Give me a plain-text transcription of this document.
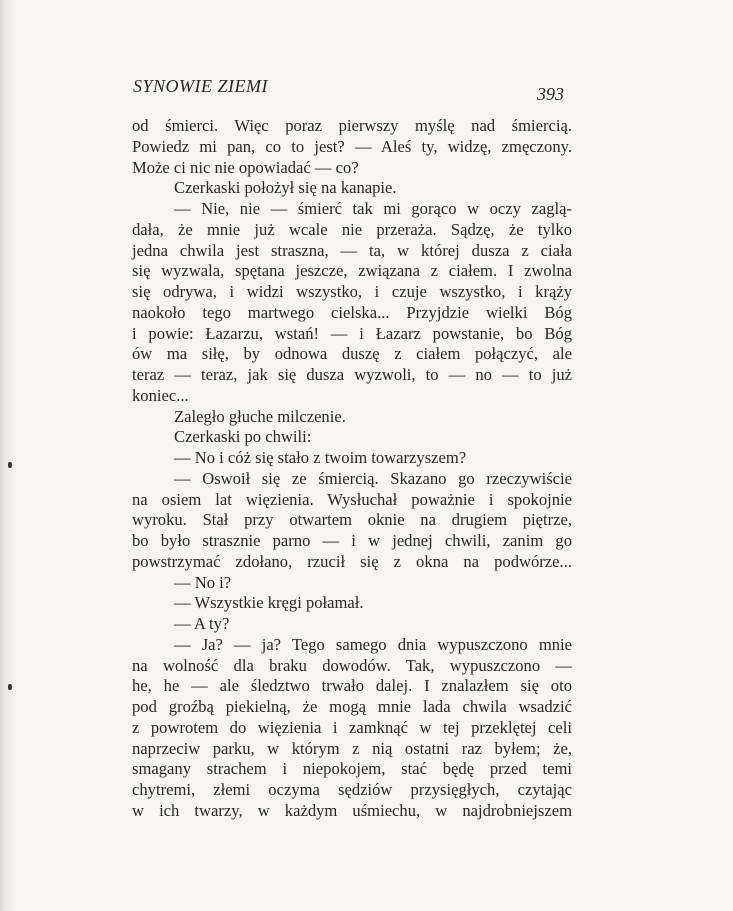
SYNOWIE ZIEMI	393
od śmierci. Więc poraz pierwszy myślę nad śmiercią.
Powiedz mi pan, co to jest? — Aleś ty, widzę, zmęczony.
Może ci nic nie opowiadać — co?
Czerkaski położył się na kanapie.
— Nie, nie — śmierć tak mi gorąco w oczy zaglą-
dała, że mnie już wcale nie przeraża. Sądzę, że tylko
jedna chwila jest straszna, — ta, w której dusza z ciała
się wyzwala, spętana jeszcze, związana z ciałem. I zwolna
się odrywa, i widzi wszystko, i czuje wszystko, i krąży
naokoło tego martwego cielska... Przyjdzie wielki Bóg
i powie: Łazarzu, wstań! — i Łazarz powstanie, bo Bóg
ów ma siłę, by odnowa duszę z ciałem połączyć, ale
teraz — teraz, jak się dusza wyzwoli, to — no — to już
koniec...
Zaległo głuche milczenie.
Czerkaski po chwili:
— No i cóż się stało z twoim towarzyszem?
— Oswoił się ze śmiercią. Skazano go rzeczywiście
na osiem lat więzienia. Wysłuchał poważnie i spokojnie
wyroku. Stał przy otwartem oknie na drugiem piętrze,
bo było strasznie parno — i w jednej chwili, zanim go
powstrzymać zdołano, rzucił się z okna na podwórze...
— No i?
— Wszystkie kręgi połamał.
— A ty?
— Ja? — ja? Tego samego dnia wypuszczono mnie
na wolność dla braku dowodów. Tak, wypuszczono —
he, he — ale śledztwo trwało dalej. I znalazłem się oto
pod groźbą piekielną, że mogą mnie lada chwila wsadzić
z powrotem do więzienia i zamknąć w tej przeklętej celi
naprzeciw parku, w którym z nią ostatni raz byłem; że,
smagany strachem i niepokojem, stać będę przed temi
chytremi, złemi oczyma sędziów przysięgłych, czytając
w ich twarzy, w każdym uśmiechu, w najdrobniejszem
